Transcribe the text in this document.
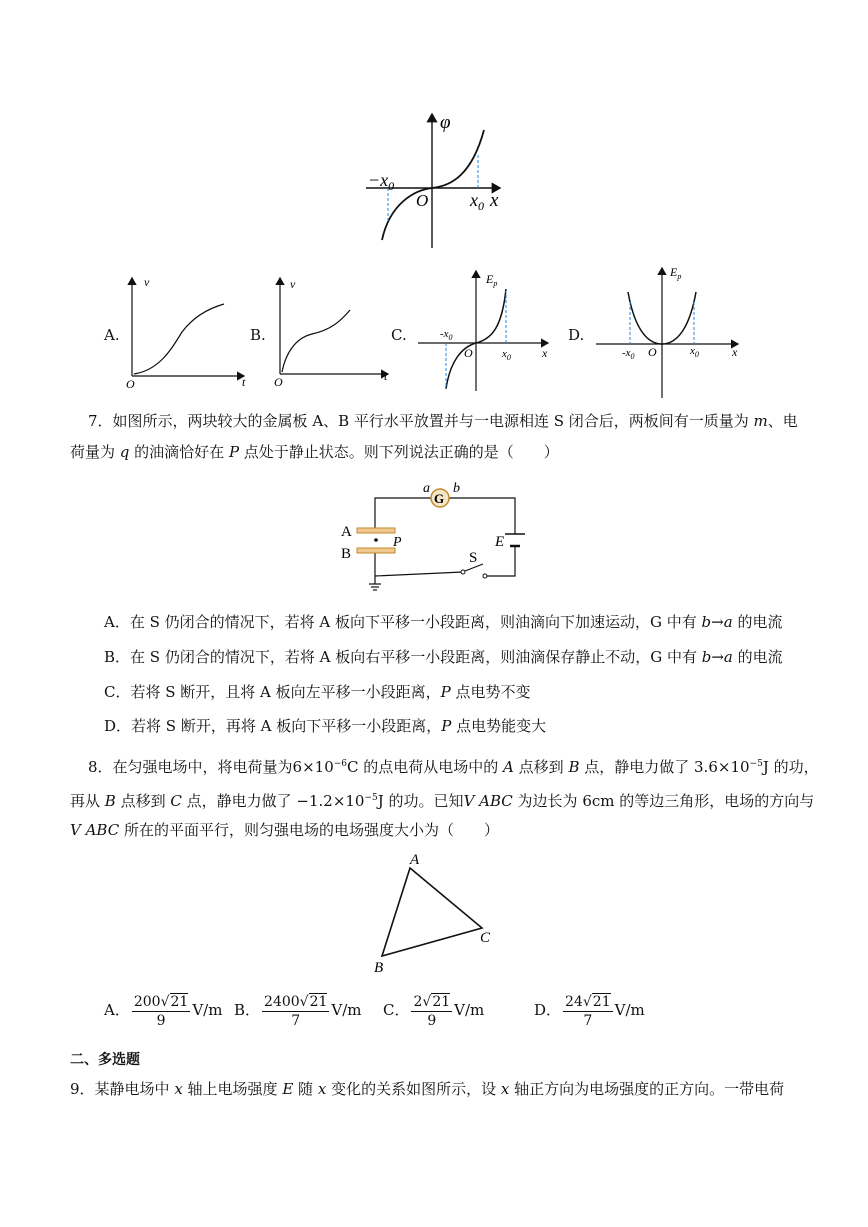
φ
O	x
$-x_0$
$x_0$
A.
v
O	t
B.
v
O	t
C.
$E_p$
O
$-x_0$
$x_0$	x
D.
$E_p$
O
$-x_0$	$x_0$	x
7．如图所示，两块较大的金属板 A、B 平行水平放置并与一电源相连 S 闭合后，两板间有一质量为 m、电
荷量为 q 的油滴恰好在 P 点处于静止状态。则下列说法正确的是（　　）
G
a b
A
B
P	E
S
A．在 S 仍闭合的情况下，若将 A 板向下平移一小段距离，则油滴向下加速运动，G 中有 b→a 的电流
B．在 S 仍闭合的情况下，若将 A 板向右平移一小段距离，则油滴保存静止不动，G 中有 b→a 的电流
C．若将 S 断开，且将 A 板向左平移一小段距离，P 点电势不变
D．若将 S 断开，再将 A 板向下平移一小段距离，P 点电势能变大
8．在匀强电场中，将电荷量为$6\times 10^{-6}C$ 的点电荷从电场中的 A 点移到 B 点，静电力做了 $3.6\times 10^{-5}J$ 的功，
再从 B 点移到 C 点，静电力做了 $-1.2\times 10^{-5}J$ 的功。已知V ABC 为边长为 6cm 的等边三角形，电场的方向与
V ABC 所在的平面平行，则匀强电场的电场强度大小为（　　）
A
B
C
A． $\frac{200√21}{9} V/m$ B． $\frac{2400√21}{7} V/m$ C． $\frac{2√21}{9} V/m$	D． $\frac{24√21}{7} V/m$
二、多选题
9．某静电场中 x 轴上电场强度 E 随 x 变化的关系如图所示，设 x 轴正方向为电场强度的正方向。一带电荷
